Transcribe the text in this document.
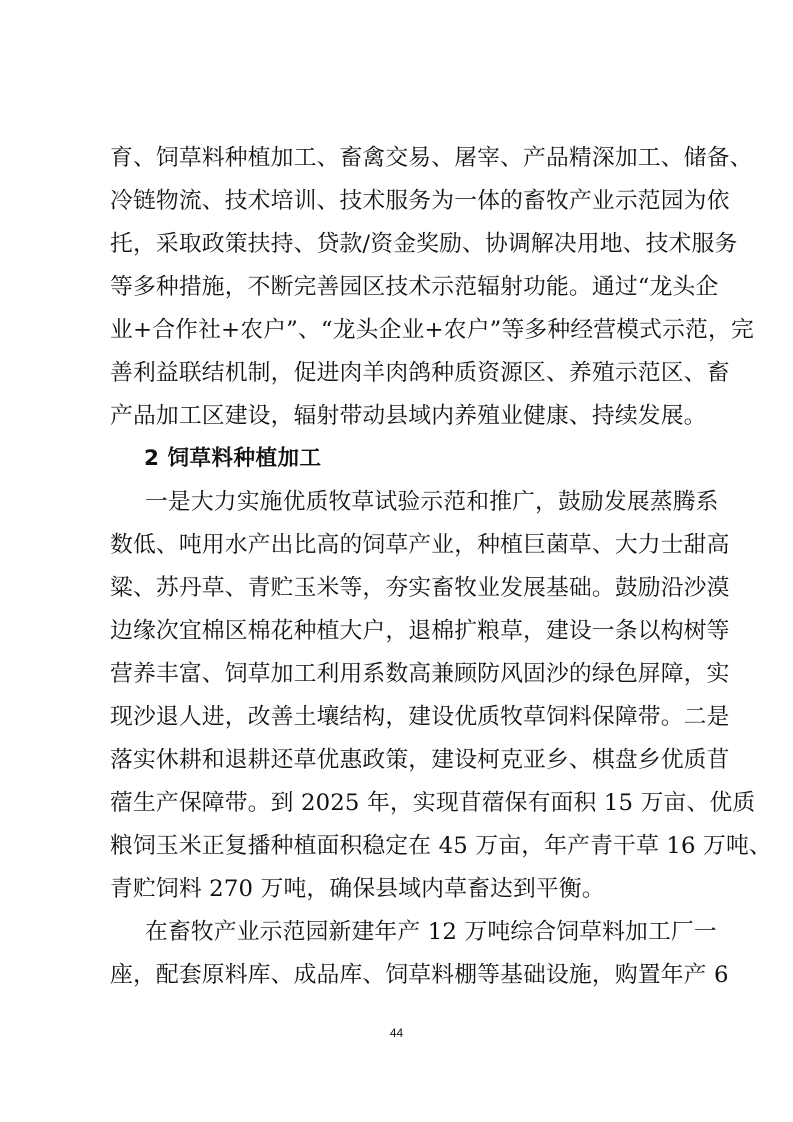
育、饲草料种植加工、畜禽交易、屠宰、产品精深加工、储备、
冷链物流、技术培训、技术服务为一体的畜牧产业示范园为依
托，采取政策扶持、贷款/资金奖励、协调解决用地、技术服务
等多种措施，不断完善园区技术示范辐射功能。通过“龙头企
业+合作社+农户”、“龙头企业+农户”等多种经营模式示范，完
善利益联结机制，促进肉羊肉鸽种质资源区、养殖示范区、畜
产品加工区建设，辐射带动县域内养殖业健康、持续发展。
2 饲草料种植加工
　一是大力实施优质牧草试验示范和推广，鼓励发展蒸腾系
数低、吨用水产出比高的饲草产业，种植巨菌草、大力士甜高
粱、苏丹草、青贮玉米等，夯实畜牧业发展基础。鼓励沿沙漠
边缘次宜棉区棉花种植大户，退棉扩粮草，建设一条以构树等
营养丰富、饲草加工利用系数高兼顾防风固沙的绿色屏障，实
现沙退人进，改善土壤结构，建设优质牧草饲料保障带。二是
落实休耕和退耕还草优惠政策，建设柯克亚乡、棋盘乡优质苜
蓿生产保障带。到 2025 年，实现苜蓿保有面积 15 万亩、优质
粮饲玉米正复播种植面积稳定在 45 万亩，年产青干草 16 万吨、
青贮饲料 270 万吨，确保县域内草畜达到平衡。
　在畜牧产业示范园新建年产 12 万吨综合饲草料加工厂一
座，配套原料库、成品库、饲草料棚等基础设施，购置年产 6
44
